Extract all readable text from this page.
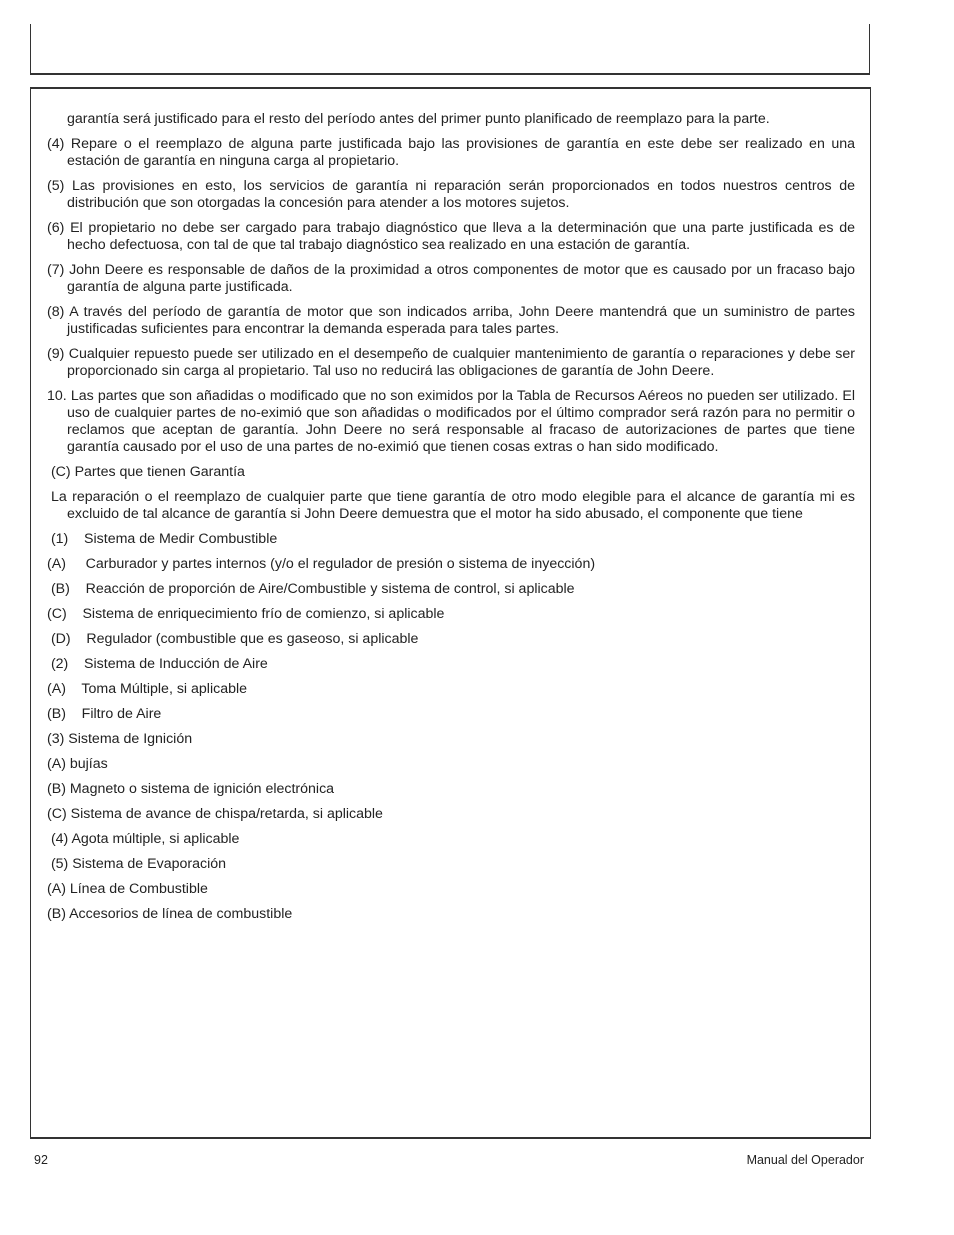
garantía será justificado para el resto del período antes del primer punto planificado de reemplazo para la parte.

(4) Repare o el reemplazo de alguna parte justificada bajo las provisiones de garantía en este debe ser realizado en una estación de garantía en ninguna carga al propietario.

(5) Las provisiones en esto, los servicios de garantía ni reparación serán proporcionados en todos nuestros centros de distribución que son otorgadas la concesión para atender a los motores sujetos.

(6) El propietario no debe ser cargado para trabajo diagnóstico que lleva a la determinación que una parte justificada es de hecho defectuosa, con tal de que tal trabajo diagnóstico sea realizado en una estación de garantía.

(7) John Deere es responsable de daños de la proximidad a otros componentes de motor que es causado por un fracaso bajo garantía de alguna parte justificada.

(8) A través del período de garantía de motor que son indicados arriba, John Deere mantendrá que un suministro de partes justificadas suficientes para encontrar la demanda esperada para tales partes.

(9) Cualquier repuesto puede ser utilizado en el desempeño de cualquier mantenimiento de garantía o reparaciones y debe ser proporcionado sin carga al propietario. Tal uso no reducirá las obligaciones de garantía de John Deere.

10. Las partes que son añadidas o modificado que no son eximidos por la Tabla de Recursos Aéreos no pueden ser utilizado. El uso de cualquier partes de no-eximió que son añadidas o modificados por el último comprador será razón para no permitir o reclamos que aceptan de garantía. John Deere no será responsable al fracaso de autorizaciones de partes que tiene garantía causado por el uso de una partes de no-eximió que tienen cosas extras o han sido modificado.

(C) Partes que tienen Garantía

La reparación o el reemplazo de cualquier parte que tiene garantía de otro modo elegible para el alcance de garantía mi es excluido de tal alcance de garantía si John Deere demuestra que el motor ha sido abusado, el componente que tiene

(1)    Sistema de Medir Combustible

(A)     Carburador y partes internos (y/o el regulador de presión o sistema de inyección)

(B)    Reacción de proporción de Aire/Combustible y sistema de control, si aplicable

(C)    Sistema de enriquecimiento frío de comienzo, si aplicable

(D)    Regulador (combustible que es gaseoso, si aplicable

(2)    Sistema de Inducción de Aire

(A)    Toma Múltiple, si aplicable

(B)    Filtro de Aire

(3) Sistema de Ignición

(A) bujías

(B) Magneto o sistema de ignición electrónica

(C) Sistema de avance de chispa/retarda, si aplicable

(4) Agota múltiple, si aplicable

(5) Sistema de Evaporación

(A) Línea de Combustible

(B) Accesorios de línea de combustible

92	Manual del Operador
